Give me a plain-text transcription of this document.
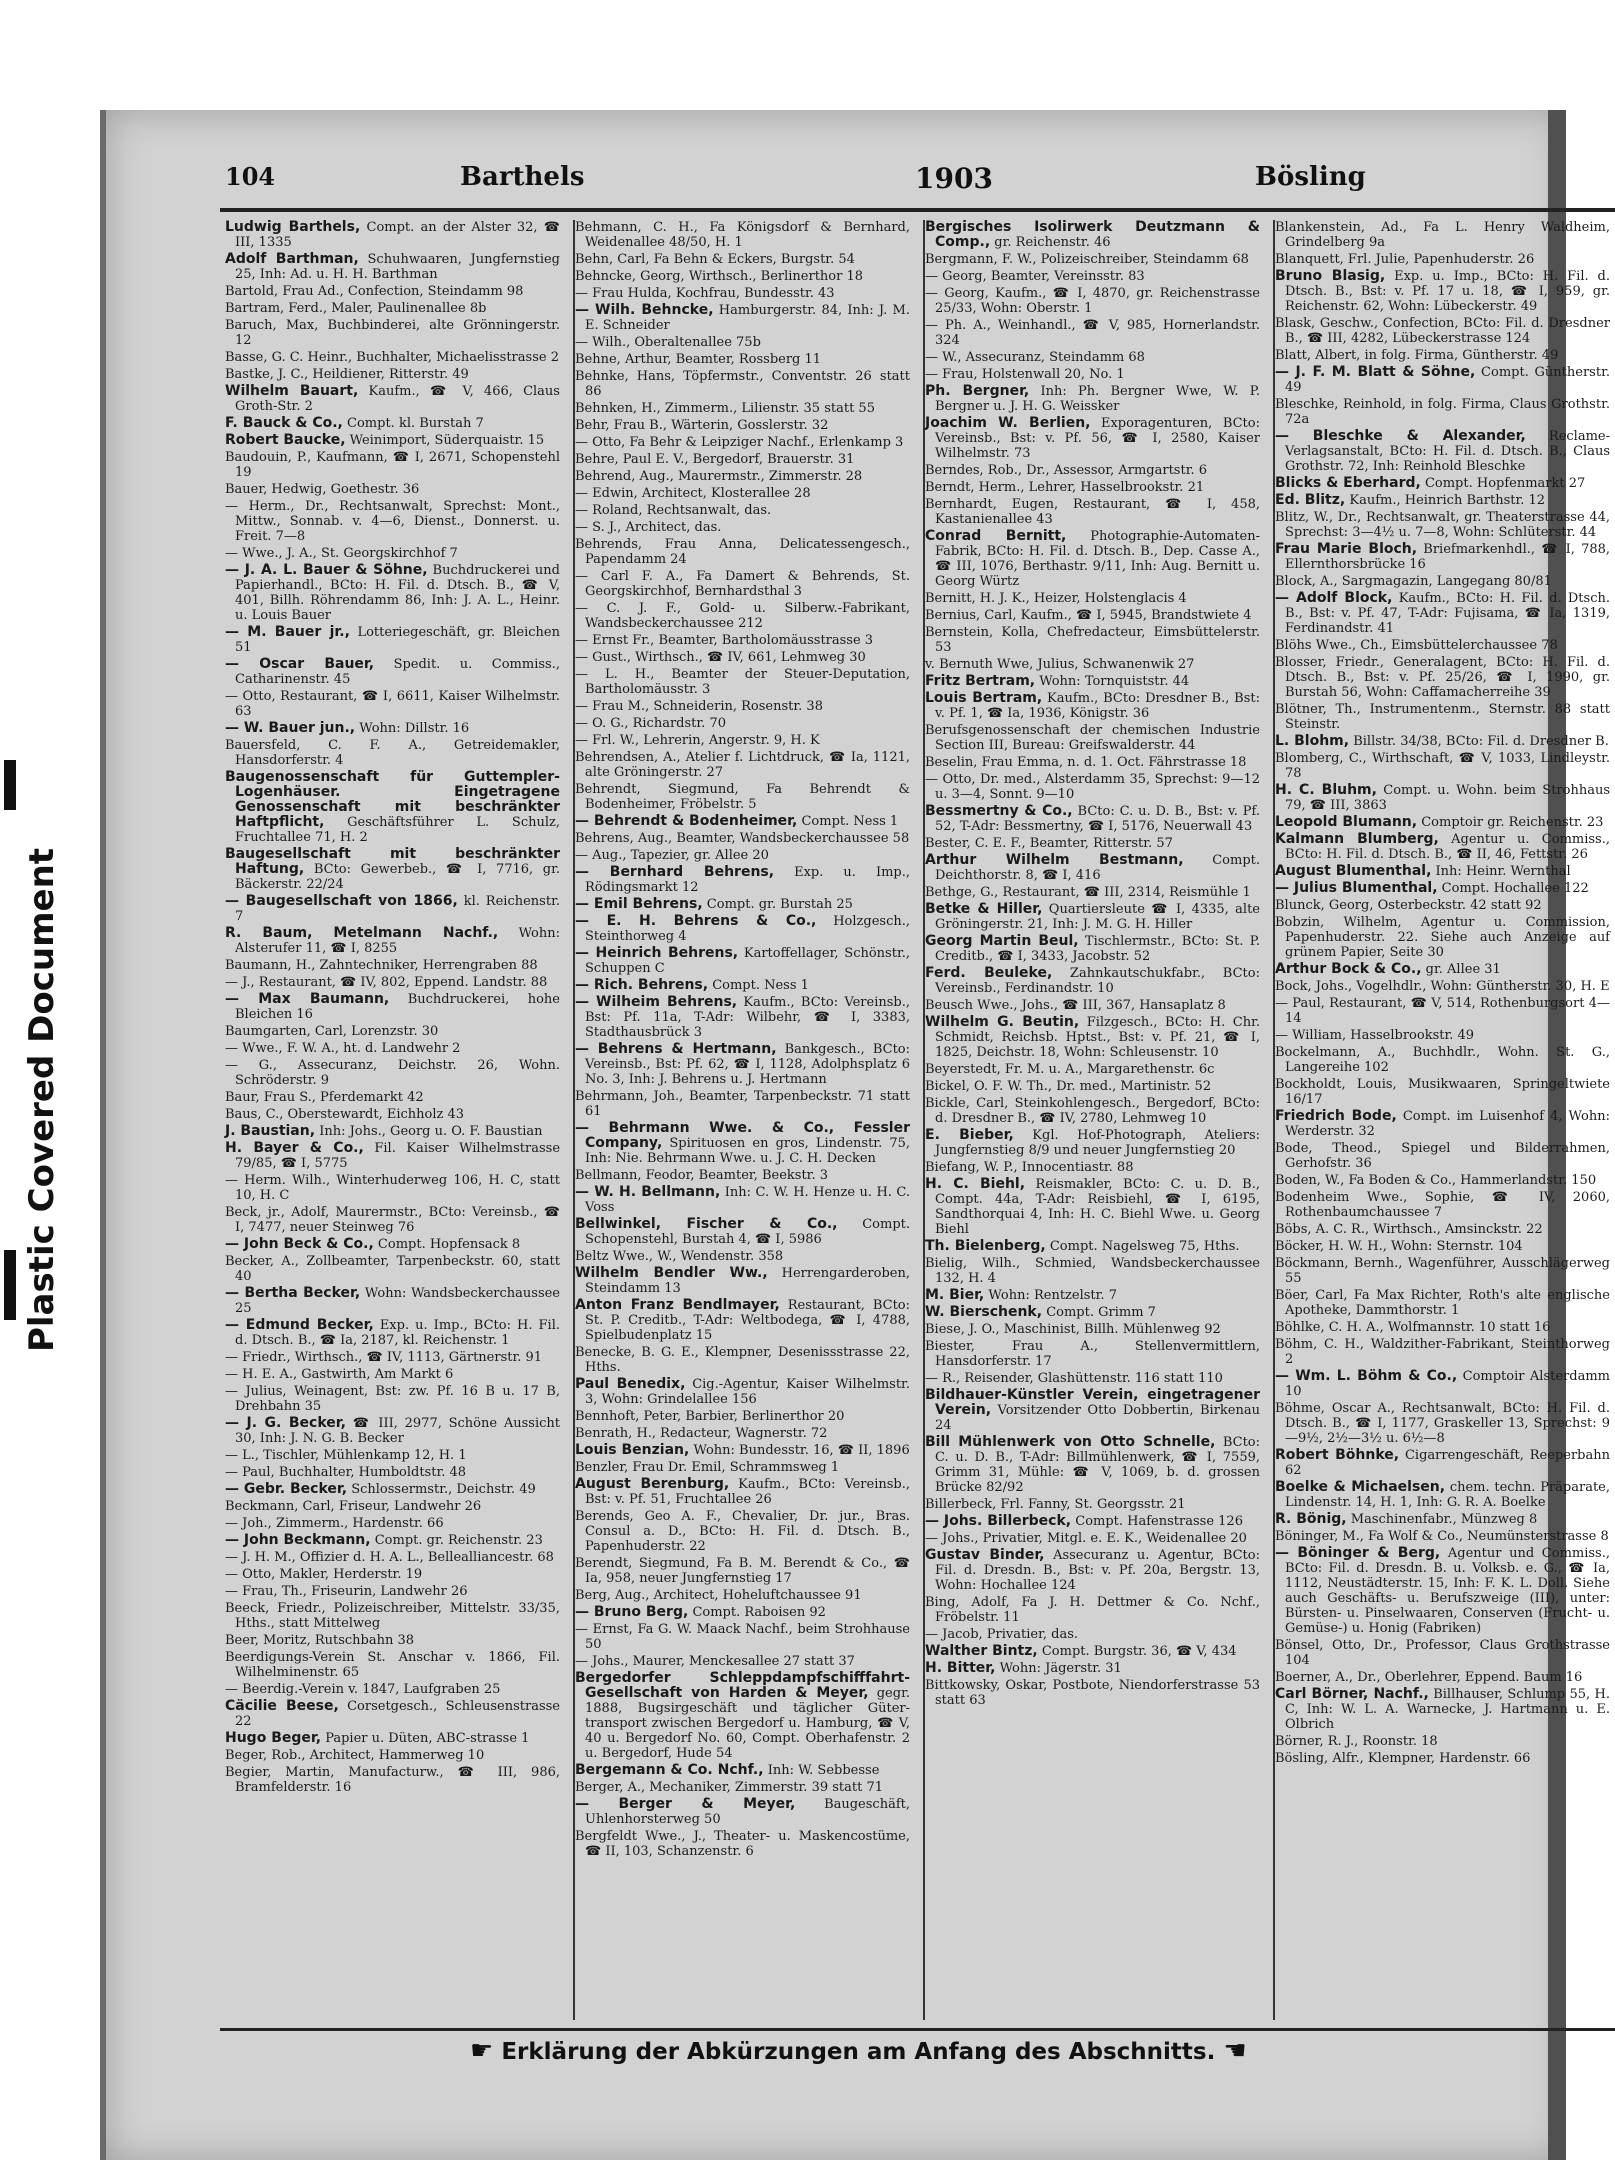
Plastic Covered Document
104	Barthels	1903	Bösling
Ludwig Barthels, Compt. an der Alster 32, ☎ III, 1335
Adolf Barthman, Schuhwaaren, Jungfernstieg 25, Inh: Ad. u. H. H. Barthman
Bartold, Frau Ad., Confection, Steindamm 98
Bartram, Ferd., Maler, Paulinenallee 8b
Baruch, Max, Buchbinderei, alte Grönningerstr. 12
Basse, G. C. Heinr., Buchhalter, Michaelisstrasse 2
Bastke, J. C., Heildiener, Ritterstr. 49
Wilhelm Bauart, Kaufm., ☎ V, 466, Claus Groth-Str. 2
F. Bauck & Co., Compt. kl. Burstah 7
Robert Baucke, Weinimport, Süderquaistr. 15
Baudouin, P., Kaufmann, ☎ I, 2671, Schopenstehl 19
Bauer, Hedwig, Goethestr. 36
— Herm., Dr., Rechtsanwalt, Sprechst: Mont., Mittw., Sonnab. v. 4—6, Dienst., Donnerst. u. Freit. 7—8
— Wwe., J. A., St. Georgskirchhof 7
— J. A. L. Bauer & Söhne, Buchdruckerei und Papierhandl., BCto: H. Fil. d. Dtsch. B., ☎ V, 401, Billh. Röhrendamm 86, Inh: J. A. L., Heinr. u. Louis Bauer
— M. Bauer jr., Lotteriegeschäft, gr. Bleichen 51
— Oscar Bauer, Spedit. u. Commiss., Catharinenstr. 45
— Otto, Restaurant, ☎ I, 6611, Kaiser Wilhelmstr. 63
— W. Bauer jun., Wohn: Dillstr. 16
Bauersfeld, C. F. A., Getreidemakler, Hansdorferstr. 4
Baugenossenschaft für Guttempler-Logenhäuser. Eingetragene Genossenschaft mit beschränkter Haftpflicht, Geschäftsführer L. Schulz, Fruchtallee 71, H. 2
Baugesellschaft mit beschränkter Haftung, BCto: Gewerbeb., ☎ I, 7716, gr. Bäckerstr. 22/24
— Baugesellschaft von 1866, kl. Reichenstr. 7
R. Baum, Metelmann Nachf., Wohn: Alsterufer 11, ☎ I, 8255
Baumann, H., Zahntechniker, Herrengraben 88
— J., Restaurant, ☎ IV, 802, Eppend. Landstr. 88
— Max Baumann, Buchdruckerei, hohe Bleichen 16
Baumgarten, Carl, Lorenzstr. 30
— Wwe., F. W. A., ht. d. Landwehr 2
— G., Assecuranz, Deichstr. 26, Wohn. Schröderstr. 9
Baur, Frau S., Pferdemarkt 42
Baus, C., Oberstewardt, Eichholz 43
J. Baustian, Inh: Johs., Georg u. O. F. Baustian
H. Bayer & Co., Fil. Kaiser Wilhelmstrasse 79/85, ☎ I, 5775
— Herm. Wilh., Winterhuderweg 106, H. C, statt 10, H. C
Beck, jr., Adolf, Maurermstr., BCto: Vereinsb., ☎ I, 7477, neuer Steinweg 76
— John Beck & Co., Compt. Hopfensack 8
Becker, A., Zollbeamter, Tarpenbeckstr. 60, statt 40
— Bertha Becker, Wohn: Wandsbeckerchaussee 25
— Edmund Becker, Exp. u. Imp., BCto: H. Fil. d. Dtsch. B., ☎ Ia, 2187, kl. Reichenstr. 1
— Friedr., Wirthsch., ☎ IV, 1113, Gärtnerstr. 91
— H. E. A., Gastwirth, Am Markt 6
— Julius, Weinagent, Bst: zw. Pf. 16 B u. 17 B, Drehbahn 35
— J. G. Becker, ☎ III, 2977, Schöne Aussicht 30, Inh: J. N. G. B. Becker
— L., Tischler, Mühlenkamp 12, H. 1
— Paul, Buchhalter, Humboldtstr. 48
— Gebr. Becker, Schlossermstr., Deichstr. 49
Beckmann, Carl, Friseur, Landwehr 26
— Joh., Zimmerm., Hardenstr. 66
— John Beckmann, Compt. gr. Reichenstr. 23
— J. H. M., Offizier d. H. A. L., Bellealliancestr. 68
— Otto, Makler, Herderstr. 19
— Frau, Th., Friseurin, Landwehr 26
Beeck, Friedr., Polizeischreiber, Mittelstr. 33/35, Hths., statt Mittelweg
Beer, Moritz, Rutschbahn 38
Beerdigungs-Verein St. Anschar v. 1866, Fil. Wilhelminenstr. 65
— Beerdig.-Verein v. 1847, Laufgraben 25
Cäcilie Beese, Corsetgesch., Schleusenstrasse 22
Hugo Beger, Papier u. Düten, ABC-strasse 1
Beger, Rob., Architect, Hammerweg 10
Begier, Martin, Manufacturw., ☎ III, 986, Bramfelderstr. 16
Behmann, C. H., Fa Königsdorf & Bernhard, Weidenallee 48/50, H. 1
Behn, Carl, Fa Behn & Eckers, Burgstr. 54
Behncke, Georg, Wirthsch., Berlinerthor 18
— Frau Hulda, Kochfrau, Bundesstr. 43
— Wilh. Behncke, Hamburgerstr. 84, Inh: J. M. E. Schneider
— Wilh., Oberaltenallee 75b
Behne, Arthur, Beamter, Rossberg 11
Behnke, Hans, Töpfermstr., Conventstr. 26 statt 86
Behnken, H., Zimmerm., Lilienstr. 35 statt 55
Behr, Frau B., Wärterin, Gosslerstr. 32
— Otto, Fa Behr & Leipziger Nachf., Erlenkamp 3
Behre, Paul E. V., Bergedorf, Brauerstr. 31
Behrend, Aug., Maurermstr., Zimmerstr. 28
— Edwin, Architect, Klosterallee 28
— Roland, Rechtsanwalt, das.
— S. J., Architect, das.
Behrends, Frau Anna, Delicatessengesch., Papendamm 24
— Carl F. A., Fa Damert & Behrends, St. Georgskirchhof, Bernhardsthal 3
— C. J. F., Gold- u. Silberw.-Fabrikant, Wandsbeckerchaussee 212
— Ernst Fr., Beamter, Bartholomäusstrasse 3
— Gust., Wirthsch., ☎ IV, 661, Lehmweg 30
— L. H., Beamter der Steuer-Deputation, Bartholomäusstr. 3
— Frau M., Schneiderin, Rosenstr. 38
— O. G., Richardstr. 70
— Frl. W., Lehrerin, Angerstr. 9, H. K
Behrendsen, A., Atelier f. Lichtdruck, ☎ Ia, 1121, alte Gröningerstr. 27
Behrendt, Siegmund, Fa Behrendt & Bodenheimer, Fröbelstr. 5
— Behrendt & Bodenheimer, Compt. Ness 1
Behrens, Aug., Beamter, Wandsbeckerchaussee 58
— Aug., Tapezier, gr. Allee 20
— Bernhard Behrens, Exp. u. Imp., Rödingsmarkt 12
— Emil Behrens, Compt. gr. Burstah 25
— E. H. Behrens & Co., Holzgesch., Steinthorweg 4
— Heinrich Behrens, Kartoffellager, Schönstr., Schuppen C
— Rich. Behrens, Compt. Ness 1
— Wilheim Behrens, Kaufm., BCto: Vereinsb., Bst: Pf. 11a, T-Adr: Wilbehr, ☎ I, 3383, Stadthausbrück 3
— Behrens & Hertmann, Bankgesch., BCto: Vereinsb., Bst: Pf. 62, ☎ I, 1128, Adolphsplatz 6 No. 3, Inh: J. Behrens u. J. Hertmann
Behrmann, Joh., Beamter, Tarpenbeckstr. 71 statt 61
— Behrmann Wwe. & Co., Fessler Company, Spirituosen en gros, Lindenstr. 75, Inh: Nie. Behrmann Wwe. u. J. C. H. Decken
Bellmann, Feodor, Beamter, Beekstr. 3
— W. H. Bellmann, Inh: C. W. H. Henze u. H. C. Voss
Bellwinkel, Fischer & Co., Compt. Schopenstehl, Burstah 4, ☎ I, 5986
Beltz Wwe., W., Wendenstr. 358
Wilhelm Bendler Ww., Herrengarderoben, Steindamm 13
Anton Franz Bendlmayer, Restaurant, BCto: St. P. Creditb., T-Adr: Weltbodega, ☎ I, 4788, Spielbudenplatz 15
Benecke, B. G. E., Klempner, Desenissstrasse 22, Hths.
Paul Benedix, Cig.-Agentur, Kaiser Wilhelmstr. 3, Wohn: Grindelallee 156
Bennhoft, Peter, Barbier, Berlinerthor 20
Benrath, H., Redacteur, Wagnerstr. 72
Louis Benzian, Wohn: Bundesstr. 16, ☎ II, 1896
Benzler, Frau Dr. Emil, Schrammsweg 1
August Berenburg, Kaufm., BCto: Vereinsb., Bst: v. Pf. 51, Fruchtallee 26
Berends, Geo A. F., Chevalier, Dr. jur., Bras. Consul a. D., BCto: H. Fil. d. Dtsch. B., Papenhuderstr. 22
Berendt, Siegmund, Fa B. M. Berendt & Co., ☎ Ia, 958, neuer Jungfernstieg 17
Berg, Aug., Architect, Hoheluftchaussee 91
— Bruno Berg, Compt. Raboisen 92
— Ernst, Fa G. W. Maack Nachf., beim Strohhause 50
— Johs., Maurer, Menckesallee 27 statt 37
Bergedorfer Schleppdampfschifffahrt-Gesellschaft von Harden & Meyer, gegr. 1888, Bugsirgeschäft und täglicher Güter-transport zwischen Bergedorf u. Hamburg, ☎ V, 40 u. Bergedorf No. 60, Compt. Oberhafenstr. 2 u. Bergedorf, Hude 54
Bergemann & Co. Nchf., Inh: W. Sebbesse
Berger, A., Mechaniker, Zimmerstr. 39 statt 71
— Berger & Meyer, Baugeschäft, Uhlenhorsterweg 50
Bergfeldt Wwe., J., Theater- u. Maskencostüme, ☎ II, 103, Schanzenstr. 6
Bergisches Isolirwerk Deutzmann & Comp., gr. Reichenstr. 46
Bergmann, F. W., Polizeischreiber, Steindamm 68
— Georg, Beamter, Vereinsstr. 83
— Georg, Kaufm., ☎ I, 4870, gr. Reichenstrasse 25/33, Wohn: Oberstr. 1
— Ph. A., Weinhandl., ☎ V, 985, Hornerlandstr. 324
— W., Assecuranz, Steindamm 68
— Frau, Holstenwall 20, No. 1
Ph. Bergner, Inh: Ph. Bergner Wwe, W. P. Bergner u. J. H. G. Weissker
Joachim W. Berlien, Exporagenturen, BCto: Vereinsb., Bst: v. Pf. 56, ☎ I, 2580, Kaiser Wilhelmstr. 73
Berndes, Rob., Dr., Assessor, Armgartstr. 6
Berndt, Herm., Lehrer, Hasselbrookstr. 21
Bernhardt, Eugen, Restaurant, ☎ I, 458, Kastanienallee 43
Conrad Bernitt, Photographie-Automaten-Fabrik, BCto: H. Fil. d. Dtsch. B., Dep. Casse A., ☎ III, 1076, Berthastr. 9/11, Inh: Aug. Bernitt u. Georg Würtz
Bernitt, H. J. K., Heizer, Holstenglacis 4
Bernius, Carl, Kaufm., ☎ I, 5945, Brandstwiete 4
Bernstein, Kolla, Chefredacteur, Eimsbüttelerstr. 53
v. Bernuth Wwe, Julius, Schwanenwik 27
Fritz Bertram, Wohn: Tornquiststr. 44
Louis Bertram, Kaufm., BCto: Dresdner B., Bst: v. Pf. 1, ☎ Ia, 1936, Königstr. 36
Berufsgenossenschaft der chemischen Industrie Section III, Bureau: Greifswalderstr. 44
Beselin, Frau Emma, n. d. 1. Oct. Fährstrasse 18
— Otto, Dr. med., Alsterdamm 35, Sprechst: 9—12 u. 3—4, Sonnt. 9—10
Bessmertny & Co., BCto: C. u. D. B., Bst: v. Pf. 52, T-Adr: Bessmertny, ☎ I, 5176, Neuerwall 43
Bester, C. E. F., Beamter, Ritterstr. 57
Arthur Wilhelm Bestmann, Compt. Deichthorstr. 8, ☎ I, 416
Bethge, G., Restaurant, ☎ III, 2314, Reismühle 1
Betke & Hiller, Quartiersleute ☎ I, 4335, alte Gröningerstr. 21, Inh: J. M. G. H. Hiller
Georg Martin Beul, Tischlermstr., BCto: St. P. Creditb., ☎ I, 3433, Jacobstr. 52
Ferd. Beuleke, Zahnkautschukfabr., BCto: Vereinsb., Ferdinandstr. 10
Beusch Wwe., Johs., ☎ III, 367, Hansaplatz 8
Wilhelm G. Beutin, Filzgesch., BCto: H. Chr. Schmidt, Reichsb. Hptst., Bst: v. Pf. 21, ☎ I, 1825, Deichstr. 18, Wohn: Schleusenstr. 10
Beyerstedt, Fr. M. u. A., Margarethenstr. 6c
Bickel, O. F. W. Th., Dr. med., Martinistr. 52
Bickle, Carl, Steinkohlengesch., Bergedorf, BCto: d. Dresdner B., ☎ IV, 2780, Lehmweg 10
E. Bieber, Kgl. Hof-Photograph, Ateliers: Jungfernstieg 8/9 und neuer Jungfernstieg 20
Biefang, W. P., Innocentiastr. 88
H. C. Biehl, Reismakler, BCto: C. u. D. B., Compt. 44a, T-Adr: Reisbiehl, ☎ I, 6195, Sandthorquai 4, Inh: H. C. Biehl Wwe. u. Georg Biehl
Th. Bielenberg, Compt. Nagelsweg 75, Hths.
Bielig, Wilh., Schmied, Wandsbeckerchaussee 132, H. 4
M. Bier, Wohn: Rentzelstr. 7
W. Bierschenk, Compt. Grimm 7
Biese, J. O., Maschinist, Billh. Mühlenweg 92
Biester, Frau A., Stellenvermittlern, Hansdorferstr. 17
— R., Reisender, Glashüttenstr. 116 statt 110
Bildhauer-Künstler Verein, eingetragener Verein, Vorsitzender Otto Dobbertin, Birkenau 24
Bill Mühlenwerk von Otto Schnelle, BCto: C. u. D. B., T-Adr: Billmühlenwerk, ☎ I, 7559, Grimm 31, Mühle: ☎ V, 1069, b. d. grossen Brücke 82/92
Billerbeck, Frl. Fanny, St. Georgsstr. 21
— Johs. Billerbeck, Compt. Hafenstrasse 126
— Johs., Privatier, Mitgl. e. E. K., Weidenallee 20
Gustav Binder, Assecuranz u. Agentur, BCto: Fil. d. Dresdn. B., Bst: v. Pf. 20a, Bergstr. 13, Wohn: Hochallee 124
Bing, Adolf, Fa J. H. Dettmer & Co. Nchf., Fröbelstr. 11
— Jacob, Privatier, das.
Walther Bintz, Compt. Burgstr. 36, ☎ V, 434
H. Bitter, Wohn: Jägerstr. 31
Bittkowsky, Oskar, Postbote, Niendorferstrasse 53 statt 63
Blankenstein, Ad., Fa L. Henry Waldheim, Grindelberg 9a
Blanquett, Frl. Julie, Papenhuderstr. 26
Bruno Blasig, Exp. u. Imp., BCto: H. Fil. d. Dtsch. B., Bst: v. Pf. 17 u. 18, ☎ I, 959, gr. Reichenstr. 62, Wohn: Lübeckerstr. 49
Blask, Geschw., Confection, BCto: Fil. d. Dresdner B., ☎ III, 4282, Lübeckerstrasse 124
Blatt, Albert, in folg. Firma, Güntherstr. 49
— J. F. M. Blatt & Söhne, Compt. Güntherstr. 49
Bleschke, Reinhold, in folg. Firma, Claus Grothstr. 72a
— Bleschke & Alexander, Reclame-Verlagsanstalt, BCto: H. Fil. d. Dtsch. B., Claus Grothstr. 72, Inh: Reinhold Bleschke
Blicks & Eberhard, Compt. Hopfenmarkt 27
Ed. Blitz, Kaufm., Heinrich Barthstr. 12
Blitz, W., Dr., Rechtsanwalt, gr. Theaterstrasse 44, Sprechst: 3—4½ u. 7—8, Wohn: Schlüterstr. 44
Frau Marie Bloch, Briefmarkenhdl., ☎ I, 788, Ellernthorsbrücke 16
Block, A., Sargmagazin, Langegang 80/81
— Adolf Block, Kaufm., BCto: H. Fil. d. Dtsch. B., Bst: v. Pf. 47, T-Adr: Fujisama, ☎ Ia, 1319, Ferdinandstr. 41
Blöhs Wwe., Ch., Eimsbüttelerchaussee 78
Blosser, Friedr., Generalagent, BCto: H. Fil. d. Dtsch. B., Bst: v. Pf. 25/26, ☎ I, 1990, gr. Burstah 56, Wohn: Caffamacherreihe 39
Blötner, Th., Instrumentenm., Sternstr. 88 statt Steinstr.
L. Blohm, Billstr. 34/38, BCto: Fil. d. Dresdner B.
Blomberg, C., Wirthschaft, ☎ V, 1033, Lindleystr. 78
H. C. Bluhm, Compt. u. Wohn. beim Strohhaus 79, ☎ III, 3863
Leopold Blumann, Comptoir gr. Reichenstr. 23
Kalmann Blumberg, Agentur u. Commiss., BCto: H. Fil. d. Dtsch. B., ☎ II, 46, Fettstr. 26
August Blumenthal, Inh: Heinr. Wernthal
— Julius Blumenthal, Compt. Hochallee 122
Blunck, Georg, Osterbeckstr. 42 statt 92
Bobzin, Wilhelm, Agentur u. Commission, Papenhuderstr. 22. Siehe auch Anzeige auf grünem Papier, Seite 30
Arthur Bock & Co., gr. Allee 31
Bock, Johs., Vogelhdlr., Wohn: Güntherstr. 30, H. E
— Paul, Restaurant, ☎ V, 514, Rothenburgsort 4—14
— William, Hasselbrookstr. 49
Bockelmann, A., Buchhdlr., Wohn. St. G., Langereihe 102
Bockholdt, Louis, Musikwaaren, Springeltwiete 16/17
Friedrich Bode, Compt. im Luisenhof 4, Wohn: Werderstr. 32
Bode, Theod., Spiegel und Bilderrahmen, Gerhofstr. 36
Boden, W., Fa Boden & Co., Hammerlandstr. 150
Bodenheim Wwe., Sophie, ☎ IV, 2060, Rothenbaumchaussee 7
Böbs, A. C. R., Wirthsch., Amsinckstr. 22
Böcker, H. W. H., Wohn: Sternstr. 104
Böckmann, Bernh., Wagenführer, Ausschlägerweg 55
Böer, Carl, Fa Max Richter, Roth's alte englische Apotheke, Dammthorstr. 1
Böhlke, C. H. A., Wolfmannstr. 10 statt 16
Böhm, C. H., Waldzither-Fabrikant, Steinthorweg 2
— Wm. L. Böhm & Co., Comptoir Alsterdamm 10
Böhme, Oscar A., Rechtsanwalt, BCto: H. Fil. d. Dtsch. B., ☎ I, 1177, Graskeller 13, Sprechst: 9—9½, 2½—3½ u. 6½—8
Robert Böhnke, Cigarrengeschäft, Reeperbahn 62
Boelke & Michaelsen, chem. techn. Präparate, Lindenstr. 14, H. 1, Inh: G. R. A. Boelke
R. Bönig, Maschinenfabr., Münzweg 8
Böninger, M., Fa Wolf & Co., Neumünsterstrasse 8
— Böninger & Berg, Agentur und Commiss., BCto: Fil. d. Dresdn. B. u. Volksb. e. G., ☎ Ia, 1112, Neustädterstr. 15, Inh: F. K. L. Doll. Siehe auch Geschäfts- u. Berufszweige (III), unter: Bürsten- u. Pinselwaaren, Conserven (Frucht- u. Gemüse-) u. Honig (Fabriken)
Bönsel, Otto, Dr., Professor, Claus Grothstrasse 104
Boerner, A., Dr., Oberlehrer, Eppend. Baum 16
Carl Börner, Nachf., Billhauser, Schlump 55, H. C, Inh: W. L. A. Warnecke, J. Hartmann u. E. Olbrich
Börner, R. J., Roonstr. 18
Bösling, Alfr., Klempner, Hardenstr. 66
☛ Erklärung der Abkürzungen am Anfang des Abschnitts. ☚
